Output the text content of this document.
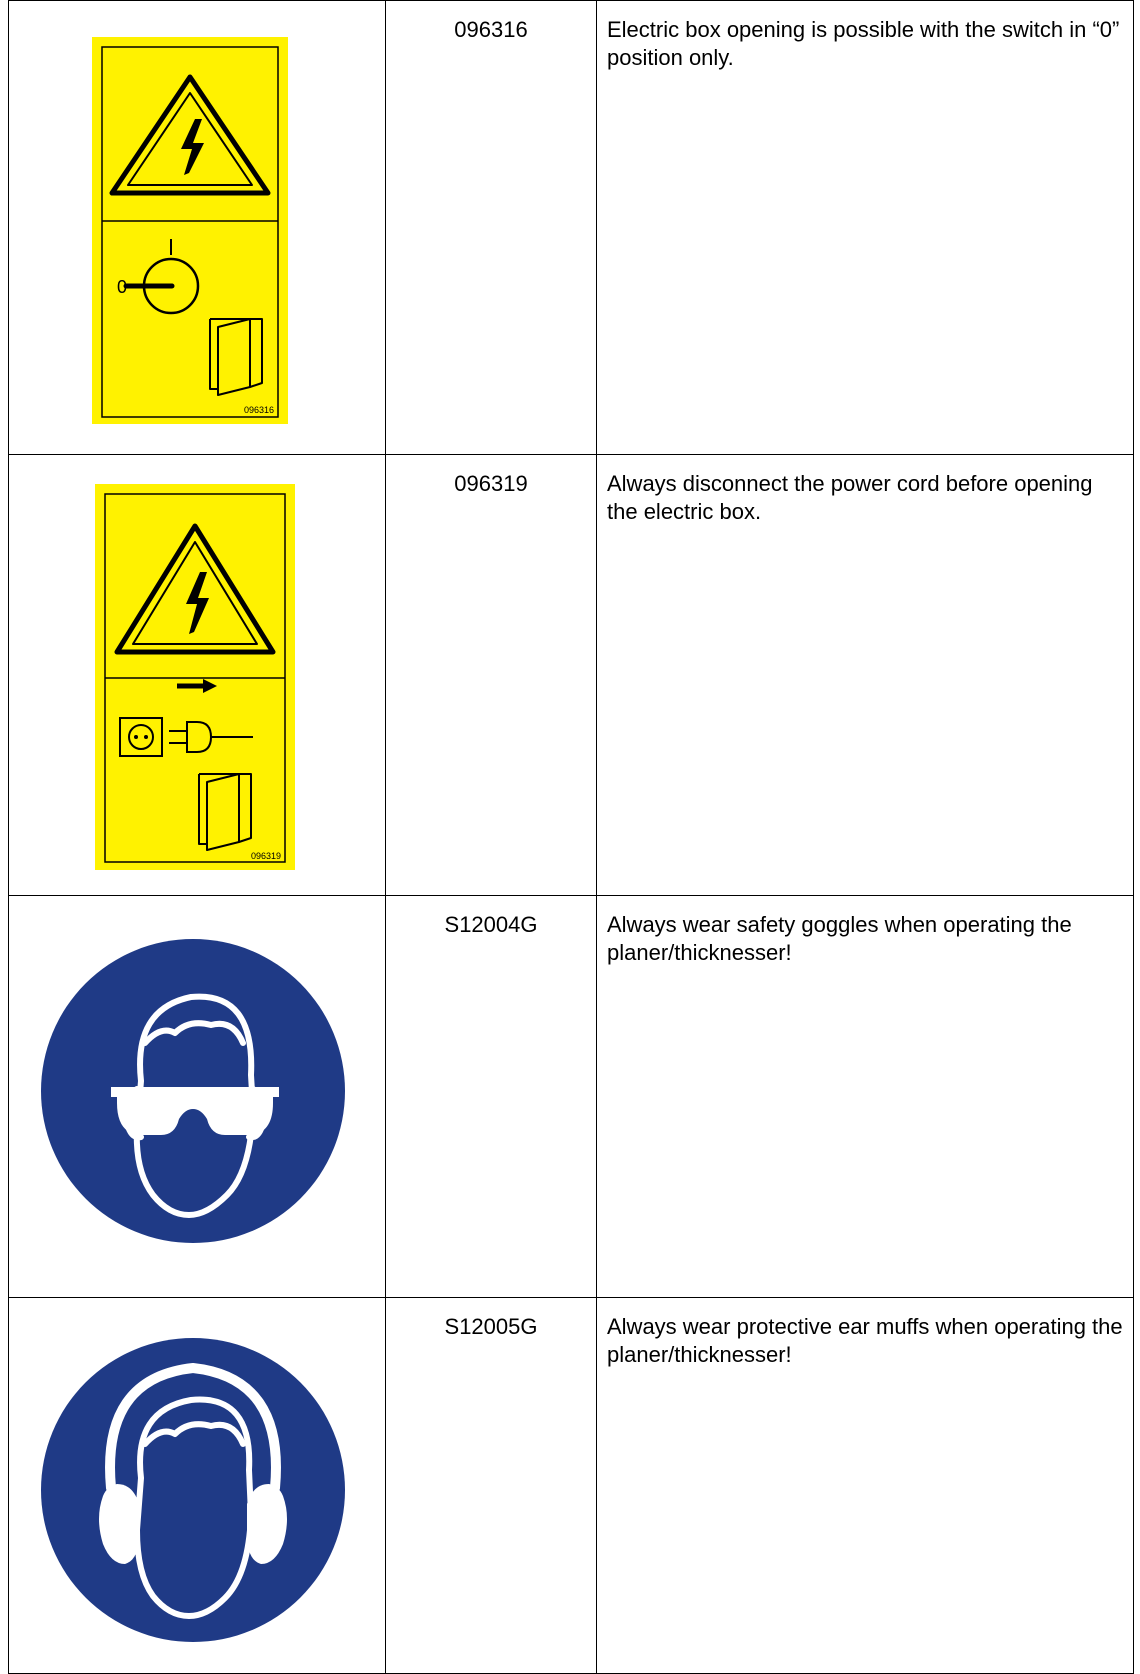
0
096316	096316	Electric box opening is possible with the switch in “0” position only.

096319	096319	Always disconnect the power cord before opening the electric box.

	S12004G	Always wear safety goggles when operating the planer/thicknesser!

	S12005G	Always wear protective ear muffs when operating the planer/thicknesser!
